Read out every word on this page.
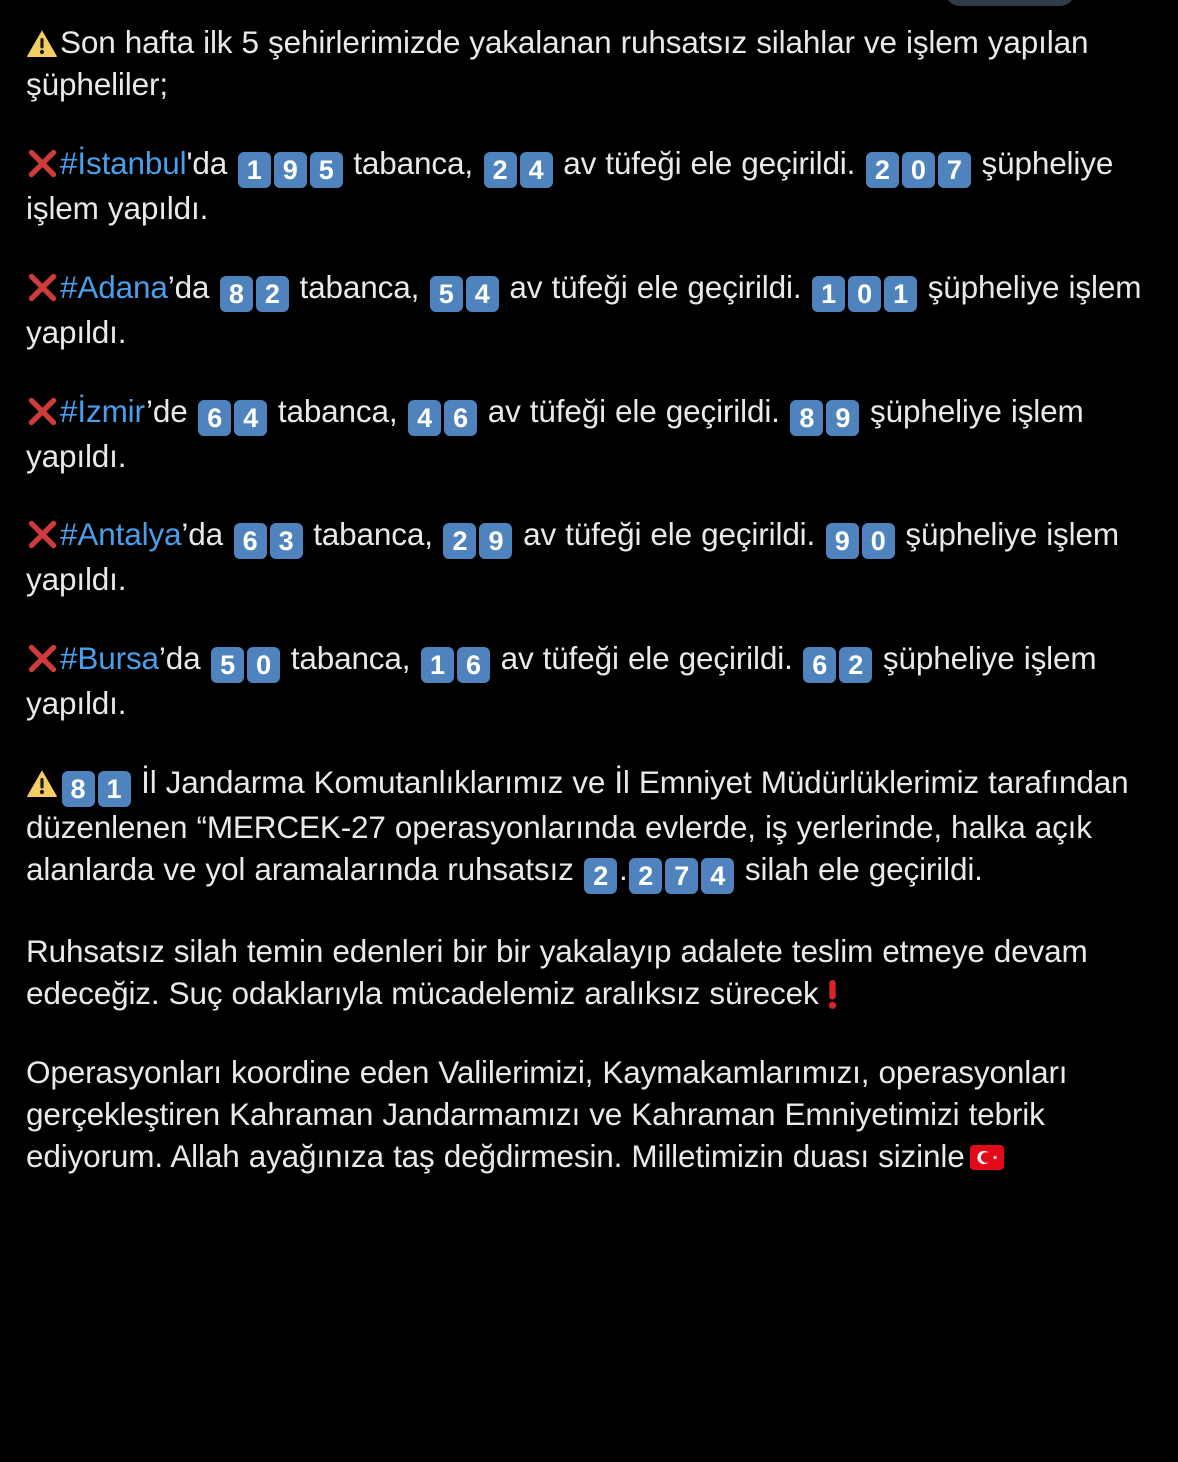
Son hafta ilk 5 şehirlerimizde yakalanan ruhsatsız silahlar ve işlem yapılan şüpheliler;

#İstanbul'da 1 9 5 tabanca, 2 4 av tüfeği ele geçirildi. 2 0 7 şüpheliye işlem yapıldı.

#Adana’da 8 2 tabanca, 5 4 av tüfeği ele geçirildi. 1 0 1 şüpheliye işlem yapıldı.

#İzmir’de 6 4 tabanca, 4 6 av tüfeği ele geçirildi. 8 9 şüpheliye işlem yapıldı.

#Antalya’da 6 3 tabanca, 2 9 av tüfeği ele geçirildi. 9 0 şüpheliye işlem yapıldı.

#Bursa’da 5 0 tabanca, 1 6 av tüfeği ele geçirildi. 6 2 şüpheliye işlem yapıldı.

8 1 İl Jandarma Komutanlıklarımız ve İl Emniyet Müdürlüklerimiz tarafından düzenlenen “MERCEK-27 operasyonlarında evlerde, iş yerlerinde, halka açık alanlarda ve yol aramalarında ruhsatsız 2 . 2 7 4 silah ele geçirildi.

Ruhsatsız silah temin edenleri bir bir yakalayıp adalete teslim etmeye devam edeceğiz. Suç odaklarıyla mücadelemiz aralıksız sürecek

Operasyonları koordine eden Valilerimizi, Kaymakamlarımızı, operasyonları gerçekleştiren Kahraman Jandarmamızı ve Kahraman Emniyetimizi tebrik ediyorum. Allah ayağınıza taş değdirmesin. Milletimizin duası sizinle
